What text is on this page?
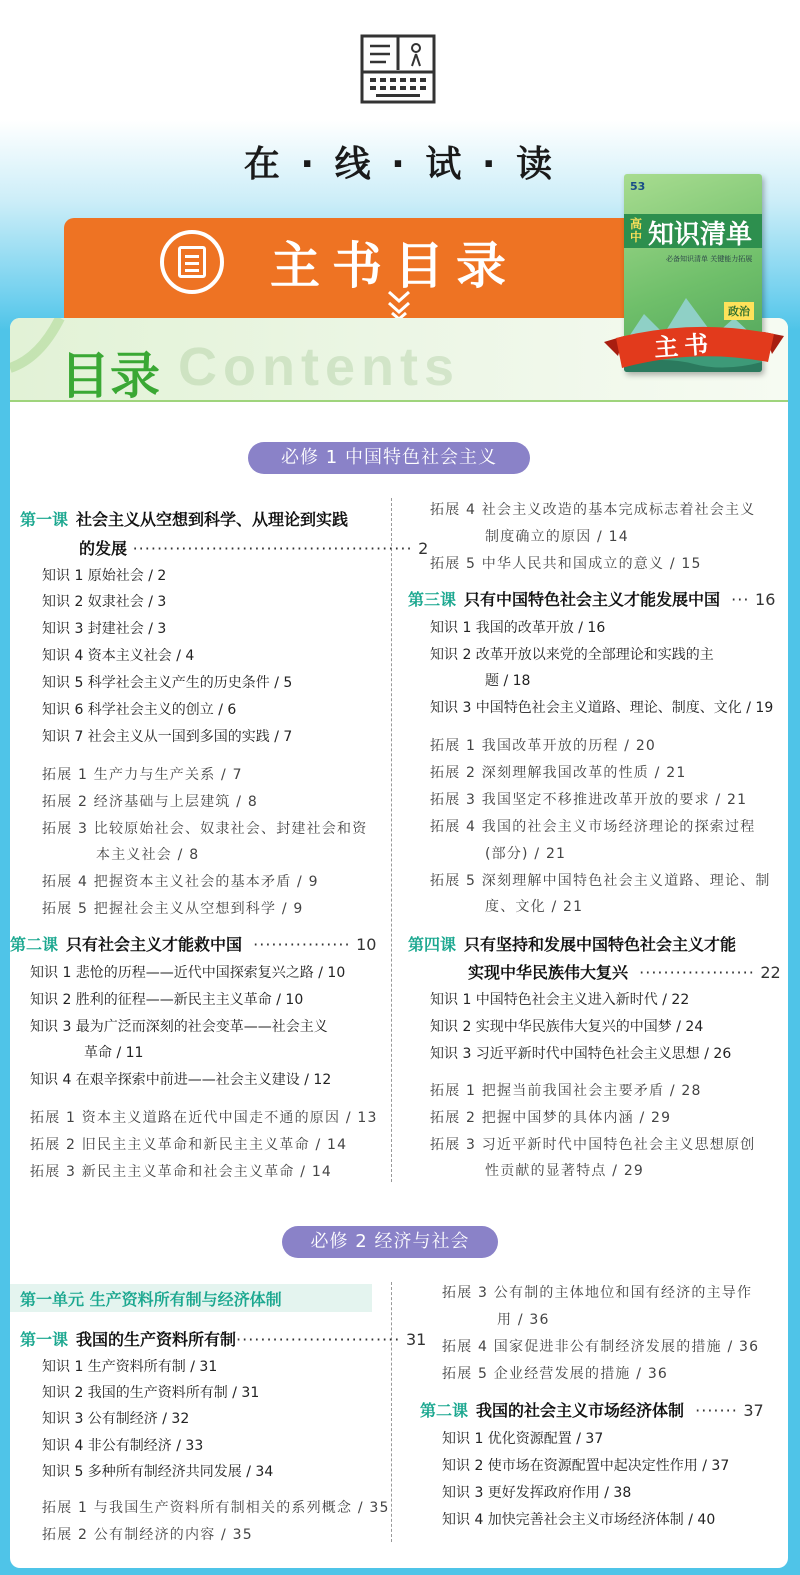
在 · 线 · 试 · 读
主书目录
Contents
目录
53
高中 知识清单
必备知识清单 关键能力拓展
政治
主书
必修 1 中国特色社会主义
第一课 社会主义从空想到科学、从理论到实践
的发展 ·············································· 2
知识 1 原始社会 / 2
知识 2 奴隶社会 / 3
知识 3 封建社会 / 3
知识 4 资本主义社会 / 4
知识 5 科学社会主义产生的历史条件 / 5
知识 6 科学社会主义的创立 / 6
知识 7 社会主义从一国到多国的实践 / 7
拓展 1 生产力与生产关系 / 7
拓展 2 经济基础与上层建筑 / 8
拓展 3 比较原始社会、奴隶社会、封建社会和资
本主义社会 / 8
拓展 4 把握资本主义社会的基本矛盾 / 9
拓展 5 把握社会主义从空想到科学 / 9
第二课 只有社会主义才能救中国 ················ 10
知识 1 悲怆的历程——近代中国探索复兴之路 / 10
知识 2 胜利的征程——新民主主义革命 / 10
知识 3 最为广泛而深刻的社会变革——社会主义
革命 / 11
知识 4 在艰辛探索中前进——社会主义建设 / 12
拓展 1 资本主义道路在近代中国走不通的原因 / 13
拓展 2 旧民主主义革命和新民主主义革命 / 14
拓展 3 新民主主义革命和社会主义革命 / 14
拓展 4 社会主义改造的基本完成标志着社会主义
制度确立的原因 / 14
拓展 5 中华人民共和国成立的意义 / 15
第三课 只有中国特色社会主义才能发展中国 ··· 16
知识 1 我国的改革开放 / 16
知识 2 改革开放以来党的全部理论和实践的主
题 / 18
知识 3 中国特色社会主义道路、理论、制度、文化 / 19
拓展 1 我国改革开放的历程 / 20
拓展 2 深刻理解我国改革的性质 / 21
拓展 3 我国坚定不移推进改革开放的要求 / 21
拓展 4 我国的社会主义市场经济理论的探索过程
(部分) / 21
拓展 5 深刻理解中国特色社会主义道路、理论、制
度、文化 / 21
第四课 只有坚持和发展中国特色社会主义才能
实现中华民族伟大复兴 ··················· 22
知识 1 中国特色社会主义进入新时代 / 22
知识 2 实现中华民族伟大复兴的中国梦 / 24
知识 3 习近平新时代中国特色社会主义思想 / 26
拓展 1 把握当前我国社会主要矛盾 / 28
拓展 2 把握中国梦的具体内涵 / 29
拓展 3 习近平新时代中国特色社会主义思想原创
性贡献的显著特点 / 29
必修 2 经济与社会
第一单元 生产资料所有制与经济体制
第一课 我国的生产资料所有制··························· 31
知识 1 生产资料所有制 / 31
知识 2 我国的生产资料所有制 / 31
知识 3 公有制经济 / 32
知识 4 非公有制经济 / 33
知识 5 多种所有制经济共同发展 / 34
拓展 1 与我国生产资料所有制相关的系列概念 / 35
拓展 2 公有制经济的内容 / 35
拓展 3 公有制的主体地位和国有经济的主导作
用 / 36
拓展 4 国家促进非公有制经济发展的措施 / 36
拓展 5 企业经营发展的措施 / 36
第二课 我国的社会主义市场经济体制 ······· 37
知识 1 优化资源配置 / 37
知识 2 使市场在资源配置中起决定性作用 / 37
知识 3 更好发挥政府作用 / 38
知识 4 加快完善社会主义市场经济体制 / 40
